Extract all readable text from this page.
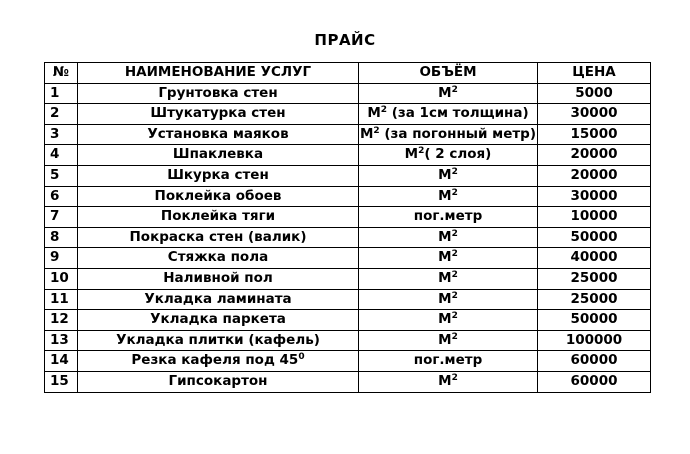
ПРАЙС
№	НАИМЕНОВАНИЕ УСЛУГ	ОБЪЁМ	ЦЕНА
1	Грунтовка стен	$М^2$	5000
2	Штукатурка стен	$М^2$ (за 1см толщина)	30000
3	Установка маяков	$М^2$ (за погонный метр)	15000
4	Шпаклевка	$М^2$( 2 слоя)	20000
5	Шкурка стен	$М^2$	20000
6	Поклейка обоев	$М^2$	30000
7	Поклейка тяги	пог.метр	10000
8	Покраска стен (валик)	$М^2$	50000
9	Стяжка пола	$М^2$	40000
10	Наливной пол	$М^2$	25000
11	Укладка ламината	$М^2$	25000
12	Укладка паркета	$М^2$	50000
13	Укладка плитки (кафель)	$М^2$	100000
14	Резка кафеля под $45^0$	пог.метр	60000
15	Гипсокартон	$М^2$	60000
